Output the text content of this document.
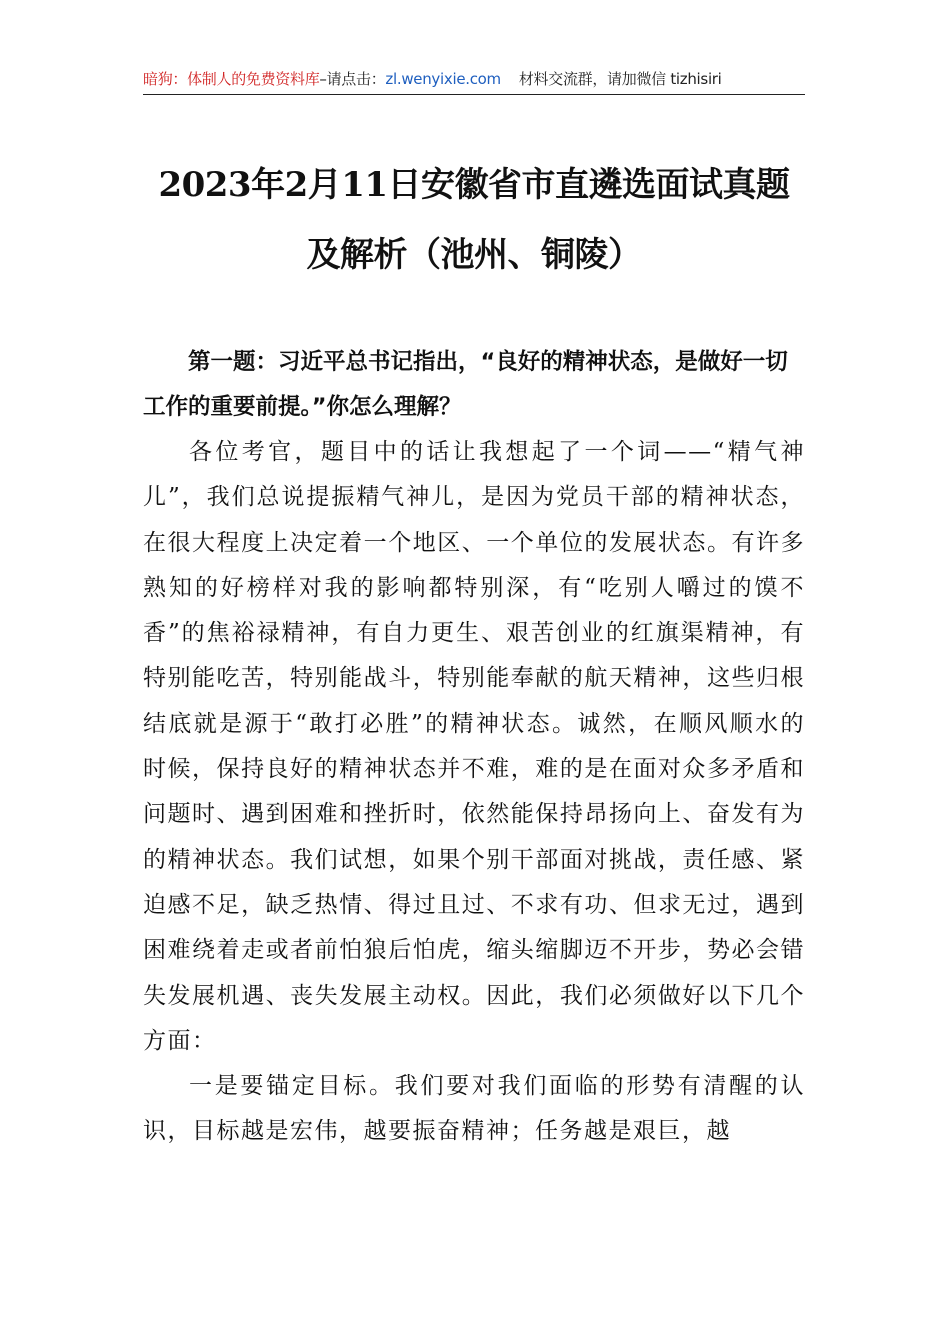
暗狗：体制人的免费资料库–请点击：zl.wenyixie.com 材料交流群，请加微信 tizhisiri
2023年2月11日安徽省市直遴选面试真题
及解析（池州、铜陵）

第一题：习近平总书记指出，“良好的精神状态，是做好一切工作的重要前提。”你怎么理解？

各位考官，题目中的话让我想起了一个词——“精气神儿”，我们总说提振精气神儿，是因为党员干部的精神状态，在很大程度上决定着一个地区、一个单位的发展状态。有许多熟知的好榜样对我的影响都特别深，有“吃别人嚼过的馍不香”的焦裕禄精神，有自力更生、艰苦创业的红旗渠精神，有特别能吃苦，特别能战斗，特别能奉献的航天精神，这些归根结底就是源于“敢打必胜”的精神状态。诚然，在顺风顺水的时候，保持良好的精神状态并不难，难的是在面对众多矛盾和问题时、遇到困难和挫折时，依然能保持昂扬向上、奋发有为的精神状态。我们试想，如果个别干部面对挑战，责任感、紧迫感不足，缺乏热情、得过且过、不求有功、但求无过，遇到困难绕着走或者前怕狼后怕虎，缩头缩脚迈不开步，势必会错失发展机遇、丧失发展主动权。因此，我们必须做好以下几个方面：

一是要锚定目标。我们要对我们面临的形势有清醒的认识，目标越是宏伟，越要振奋精神；任务越是艰巨，越
